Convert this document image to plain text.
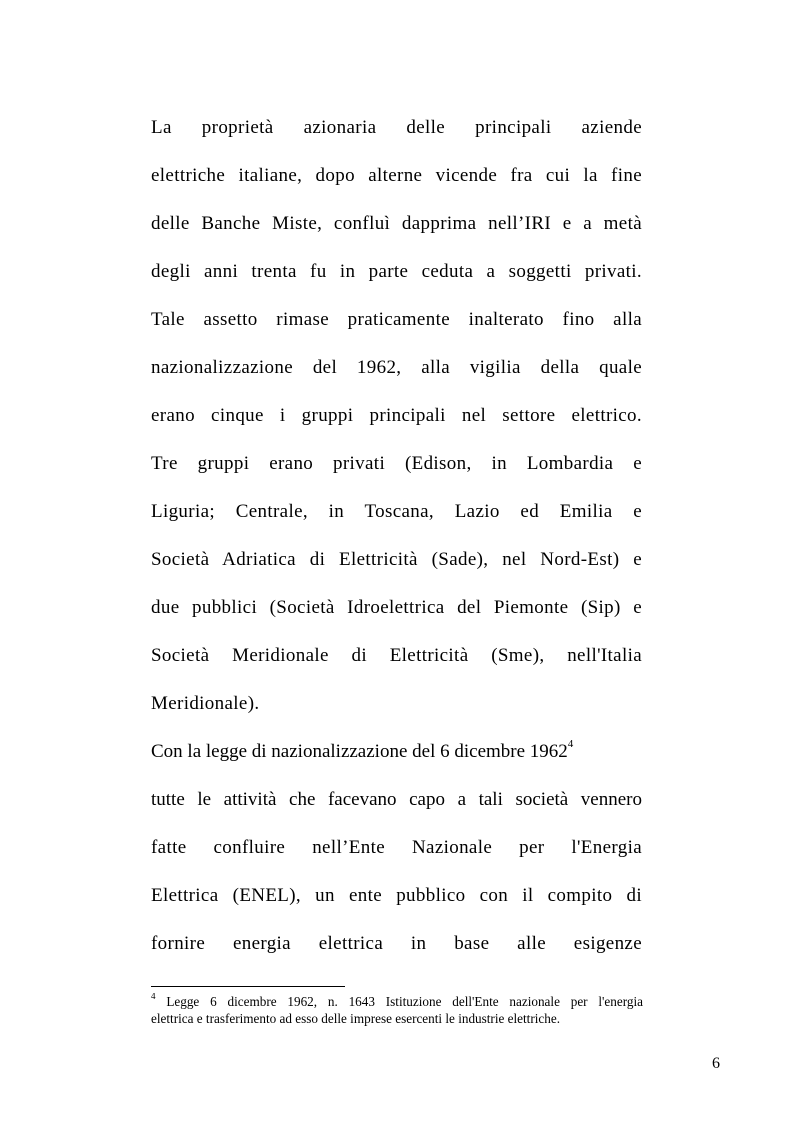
La proprietà azionaria delle principali aziende
elettriche italiane, dopo alterne vicende fra cui la fine
delle Banche Miste, confluì dapprima nell’IRI e a metà
degli anni trenta fu in parte ceduta a soggetti privati.
Tale assetto rimase praticamente inalterato fino alla
nazionalizzazione del 1962, alla vigilia della quale
erano cinque i gruppi principali nel settore elettrico.
Tre gruppi erano privati (Edison, in Lombardia e
Liguria; Centrale, in Toscana, Lazio ed Emilia e
Società Adriatica di Elettricità (Sade), nel Nord-Est) e
due pubblici (Società Idroelettrica del Piemonte (Sip) e
Società Meridionale di Elettricità (Sme), nell'Italia
Meridionale).
Con la legge di nazionalizzazione del 6 dicembre 1962$^4$
tutte le attività che facevano capo a tali società vennero
fatte confluire nell’Ente Nazionale per l'Energia
Elettrica (ENEL), un ente pubblico con il compito di
fornire energia elettrica in base alle esigenze
$^4$ Legge 6 dicembre 1962, n. 1643 Istituzione dell'Ente nazionale per l'energia
elettrica e trasferimento ad esso delle imprese esercenti le industrie elettriche.
6
